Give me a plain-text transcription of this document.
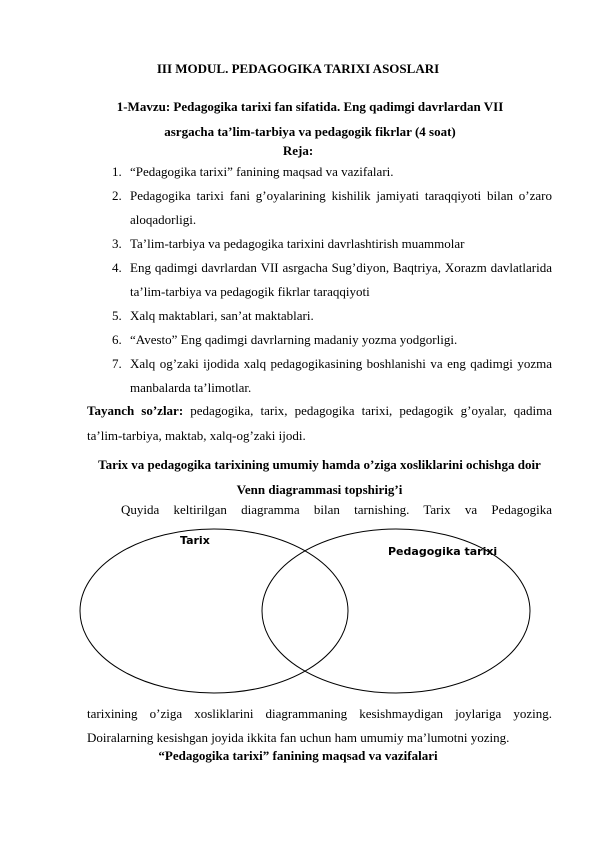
III MODUL. PEDAGOGIKA TARIXI ASOSLARI
1-Mavzu: Pedagogika tarixi fan sifatida. Eng qadimgi davrlardan VII asrgacha ta’lim-tarbiya va pedagogik fikrlar (4 soat)
Reja:
1. “Pedagogika tarixi” fanining maqsad va vazifalari.
2. Pedagogika tarixi fani g’oyalarining kishilik jamiyati taraqqiyoti bilan o’zaro aloqadorligi.
3. Ta’lim-tarbiya va pedagogika tarixini davrlashtirish muammolar
4. Eng qadimgi davrlardan VII asrgacha Sug’diyon, Baqtriya, Xorazm davlatlarida ta’lim-tarbiya va pedagogik fikrlar taraqqiyoti
5. Xalq maktablari, san’at maktablari.
6. “Avesto” Eng qadimgi davrlarning madaniy yozma yodgorligi.
7. Xalq og’zaki ijodida xalq pedagogikasining boshlanishi va eng qadimgi yozma manbalarda ta’limotlar.
Tayanch so’zlar: pedagogika, tarix, pedagogika tarixi, pedagogik g’oyalar, qadima ta’lim-tarbiya, maktab, xalq-og’zaki ijodi.
Tarix va pedagogika tarixining umumiy hamda o’ziga xosliklarini ochishga doir Venn diagrammasi topshirig’i
Quyida keltirilgan diagramma bilan tarnishing. Tarix va Pedagogika
Tarix
Pedagogika tarixi
tarixining o’ziga xosliklarini diagrammaning kesishmaydigan joylariga yozing. Doiralarning kesishgan joyida ikkita fan uchun ham umumiy ma’lumotni yozing.
“Pedagogika tarixi” fanining maqsad va vazifalari
